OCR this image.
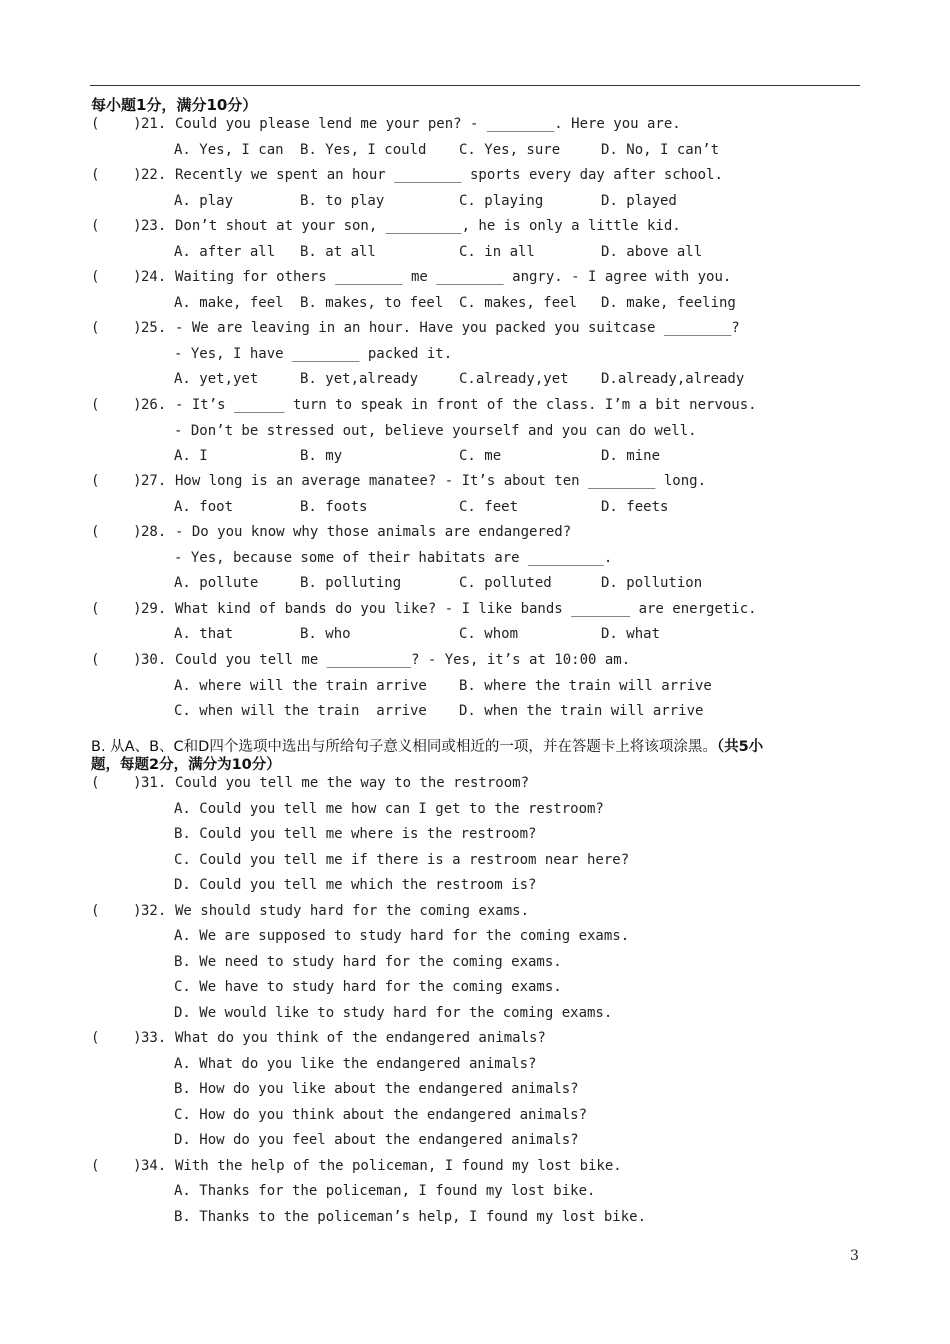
每小题1分，满分10分）
(    )21. Could you please lend me your pen? - ________. Here you are.
A. Yes, I can B. Yes, I could C. Yes, sure	D. No, I can’t
(    )22. Recently we spent an hour ________ sports every day after school.
A. play	B. to play	C. playing	D. played
(    )23. Don’t shout at your son, _________, he is only a little kid.
A. after all B. at all	C. in all	D. above all
(    )24. Waiting for others ________ me ________ angry. - I agree with you.
A. make, feel B. makes, to feel C. makes, feel D. make, feeling
(    )25. - We are leaving in an hour. Have you packed you suitcase ________?
- Yes, I have ________ packed it.
A. yet,yet	B. yet,already	C.already,yet D.already,already
(    )26. - It’s ______ turn to speak in front of the class. I’m a bit nervous.
- Don’t be stressed out, believe yourself and you can do well.
A. I	B. my	C. me	D. mine
(    )27. How long is an average manatee? - It’s about ten ________ long.
A. foot	B. foots	C. feet	D. feets
(    )28. - Do you know why those animals are endangered?
- Yes, because some of their habitats are _________.
A. pollute	B. polluting	C. polluted	D. pollution
(    )29. What kind of bands do you like? - I like bands _______ are energetic.
A. that	B. who	C. whom	D. what
(    )30. Could you tell me __________? - Yes, it’s at 10:00 am.
A. where will the train arrive B. where the train will arrive
C. when will the train  arrive D. when the train will arrive
B. 从A、B、C和D四个选项中选出与所给句子意义相同或相近的一项，并在答题卡上将该项涂黑。（共5小
题，每题2分，满分为10分）
(    )31. Could you tell me the way to the restroom?
A. Could you tell me how can I get to the restroom?
B. Could you tell me where is the restroom?
C. Could you tell me if there is a restroom near here?
D. Could you tell me which the restroom is?
(    )32. We should study hard for the coming exams.
A. We are supposed to study hard for the coming exams.
B. We need to study hard for the coming exams.
C. We have to study hard for the coming exams.
D. We would like to study hard for the coming exams.
(    )33. What do you think of the endangered animals?
A. What do you like the endangered animals?
B. How do you like about the endangered animals?
C. How do you think about the endangered animals?
D. How do you feel about the endangered animals?
(    )34. With the help of the policeman, I found my lost bike.
A. Thanks for the policeman, I found my lost bike.
B. Thanks to the policeman’s help, I found my lost bike.
3
